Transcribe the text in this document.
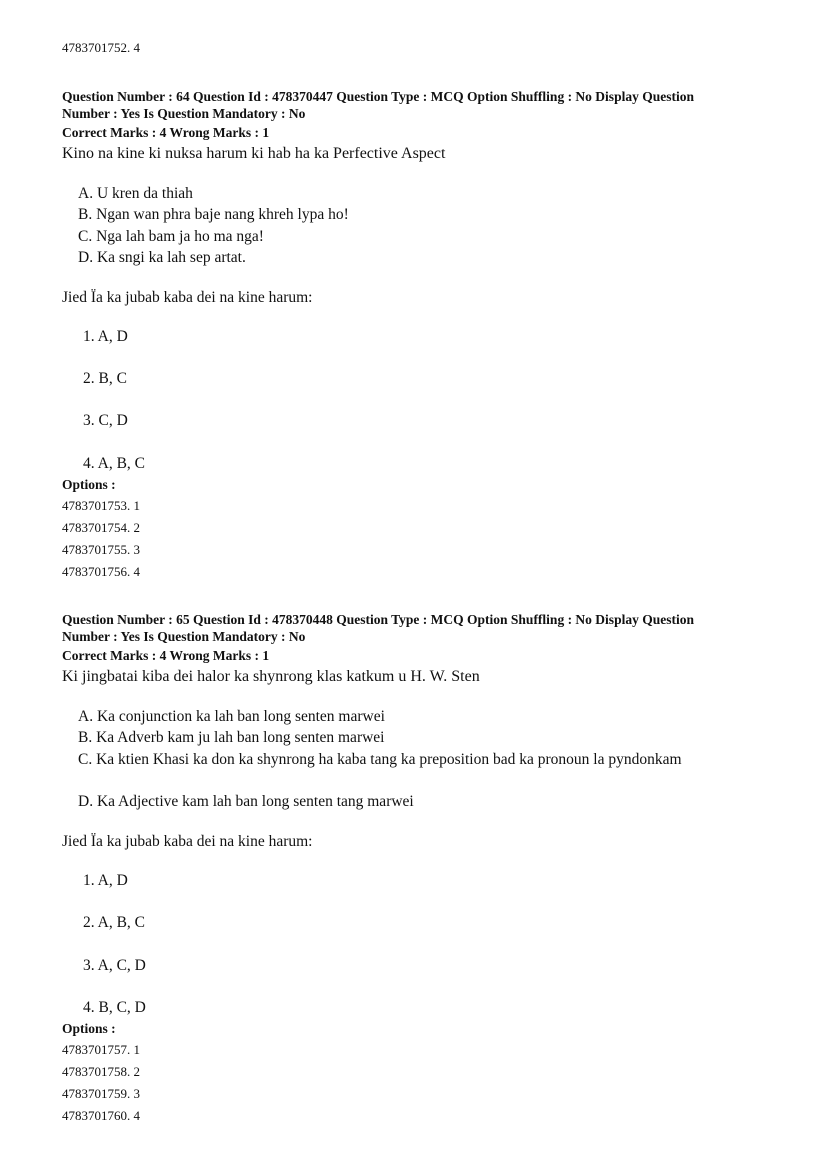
4783701752. 4
Question Number : 64 Question Id : 478370447 Question Type : MCQ Option Shuffling : No Display Question
Number : Yes Is Question Mandatory : No
Correct Marks : 4 Wrong Marks : 1
Kino na kine ki nuksa harum ki hab ha ka Perfective Aspect
A. U kren da thiah
B. Ngan wan phra baje nang khreh lypa ho!
C. Nga lah bam ja ho ma nga!
D. Ka sngi ka lah sep artat.
Jied Ïa ka jubab kaba dei na kine harum:
1. A, D
2. B, C
3. C, D
4. A, B, C
Options :
4783701753. 1
4783701754. 2
4783701755. 3
4783701756. 4
Question Number : 65 Question Id : 478370448 Question Type : MCQ Option Shuffling : No Display Question
Number : Yes Is Question Mandatory : No
Correct Marks : 4 Wrong Marks : 1
Ki jingbatai kiba dei halor ka shynrong klas katkum u H. W. Sten
A. Ka conjunction ka lah ban long senten marwei
B. Ka Adverb kam ju lah ban long senten marwei
C. Ka ktien Khasi ka don ka shynrong ha kaba tang ka preposition bad ka pronoun la pyndonkam
D. Ka Adjective kam lah ban long senten tang marwei
Jied Ïa ka jubab kaba dei na kine harum:
1. A, D
2. A, B, C
3. A, C, D
4. B, C, D
Options :
4783701757. 1
4783701758. 2
4783701759. 3
4783701760. 4
